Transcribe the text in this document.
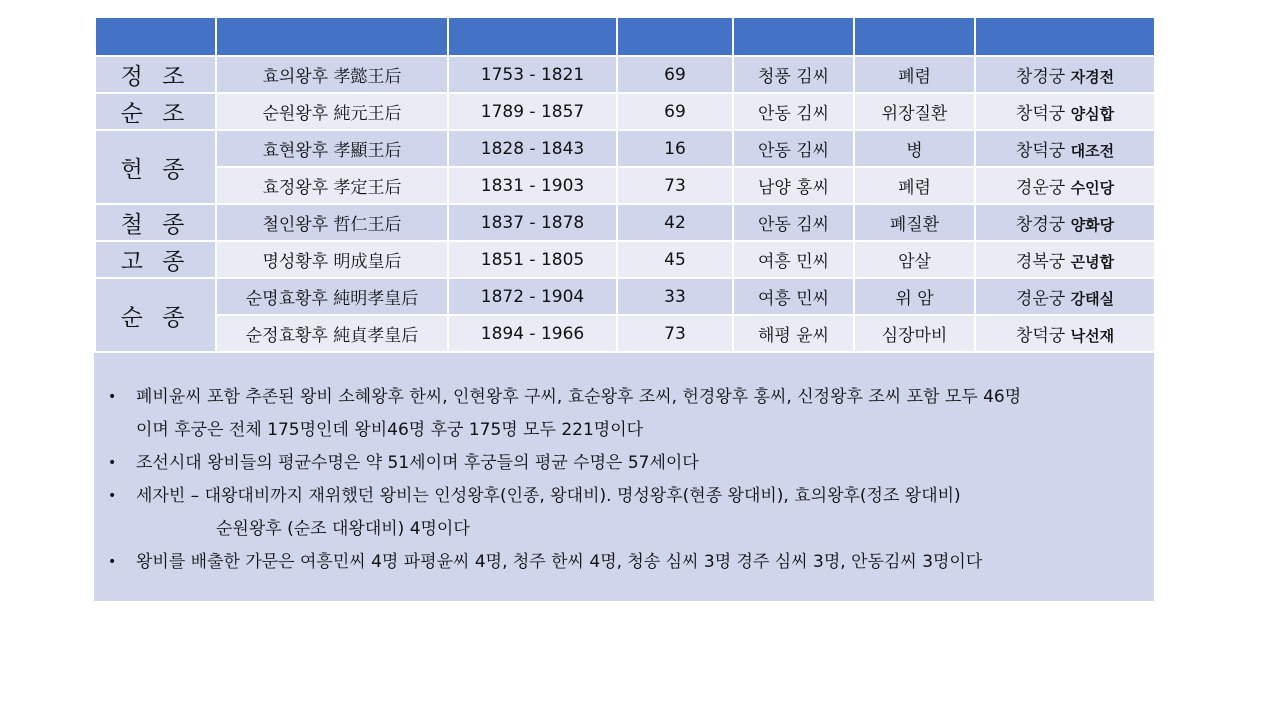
정 조	효의왕후 孝懿王后	1753 - 1821	69	청풍 김씨	폐렴	창경궁 자경전
순 조	순원왕후 純元王后	1789 - 1857	69	안동 김씨	위장질환	창덕궁 양심합
헌 종	효현왕후 孝顯王后	1828 - 1843	16	안동 김씨	병	창덕궁 대조전
	효정왕후 孝定王后	1831 - 1903	73	남양 홍씨	폐렴	경운궁 수인당
철 종	철인왕후 哲仁王后	1837 - 1878	42	안동 김씨	폐질환	창경궁 양화당
고 종	명성황후 明成皇后	1851 - 1805	45	여흥 민씨	암살	경복궁 곤녕합
순 종	순명효황후 純明孝皇后	1872 - 1904	33	여흥 민씨	위 암	경운궁 강태실
	순정효황후 純貞孝皇后	1894 - 1966	73	해평 윤씨	심장마비	창덕궁 낙선재
• 폐비윤씨 포함 추존된 왕비 소혜왕후 한씨, 인현왕후 구씨, 효순왕후 조씨, 헌경왕후 홍씨, 신정왕후 조씨 포함 모두 46명
이며 후궁은 전체 175명인데 왕비46명 후궁 175명 모두 221명이다
• 조선시대 왕비들의 평균수명은 약 51세이며 후궁들의 평균 수명은 57세이다
• 세자빈 – 대왕대비까지 재위했던 왕비는 인성왕후(인종, 왕대비). 명성왕후(현종 왕대비), 효의왕후(정조 왕대비)
순원왕후 (순조 대왕대비) 4명이다
• 왕비를 배출한 가문은 여흥민씨 4명 파평윤씨 4명, 청주 한씨 4명, 청송 심씨 3명 경주 심씨 3명, 안동김씨 3명이다
